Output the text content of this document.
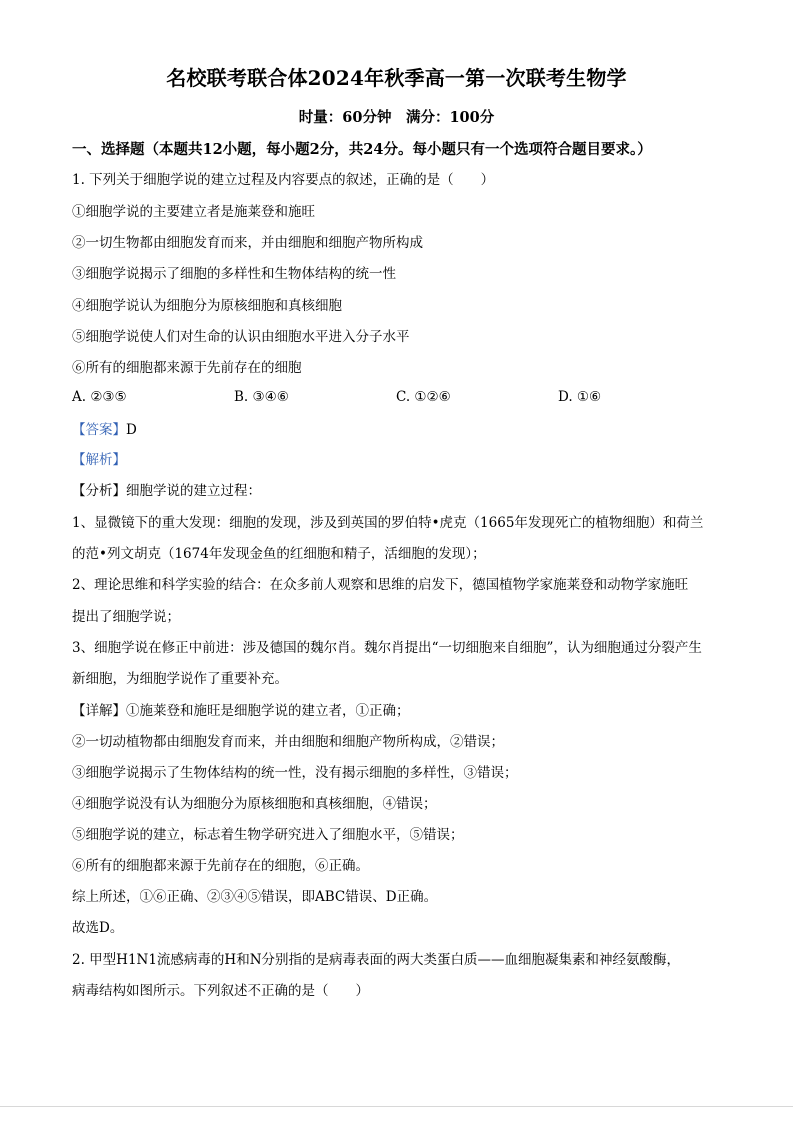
名校联考联合体2024年秋季高一第一次联考生物学
时量：60分钟　满分：100分
一、选择题（本题共12小题，每小题2分，共24分。每小题只有一个选项符合题目要求。）
1. 下列关于细胞学说的建立过程及内容要点的叙述，正确的是（　　）
①细胞学说的主要建立者是施莱登和施旺
②一切生物都由细胞发育而来，并由细胞和细胞产物所构成
③细胞学说揭示了细胞的多样性和生物体结构的统一性
④细胞学说认为细胞分为原核细胞和真核细胞
⑤细胞学说使人们对生命的认识由细胞水平进入分子水平
⑥所有的细胞都来源于先前存在的细胞
A. ②③⑤	B. ③④⑥	C. ①②⑥	D. ①⑥
【答案】D
【解析】
【分析】细胞学说的建立过程：
1、显微镜下的重大发现：细胞的发现，涉及到英国的罗伯特•虎克（1665年发现死亡的植物细胞）和荷兰
的范•列文胡克（1674年发现金鱼的红细胞和精子，活细胞的发现）；
2、理论思维和科学实验的结合：在众多前人观察和思维的启发下，德国植物学家施莱登和动物学家施旺
提出了细胞学说；
3、细胞学说在修正中前进：涉及德国的魏尔肖。魏尔肖提出“一切细胞来自细胞”，认为细胞通过分裂产生
新细胞，为细胞学说作了重要补充。
【详解】①施莱登和施旺是细胞学说的建立者，①正确；
②一切动植物都由细胞发育而来，并由细胞和细胞产物所构成，②错误；
③细胞学说揭示了生物体结构的统一性，没有揭示细胞的多样性，③错误；
④细胞学说没有认为细胞分为原核细胞和真核细胞，④错误；
⑤细胞学说的建立，标志着生物学研究进入了细胞水平，⑤错误；
⑥所有的细胞都来源于先前存在的细胞，⑥正确。
综上所述，①⑥正确、②③④⑤错误，即ABC错误、D正确。
故选D。
2. 甲型H1N1流感病毒的H和N分别指的是病毒表面的两大类蛋白质——血细胞凝集素和神经氨酸酶，
病毒结构如图所示。下列叙述不正确的是（　　）
